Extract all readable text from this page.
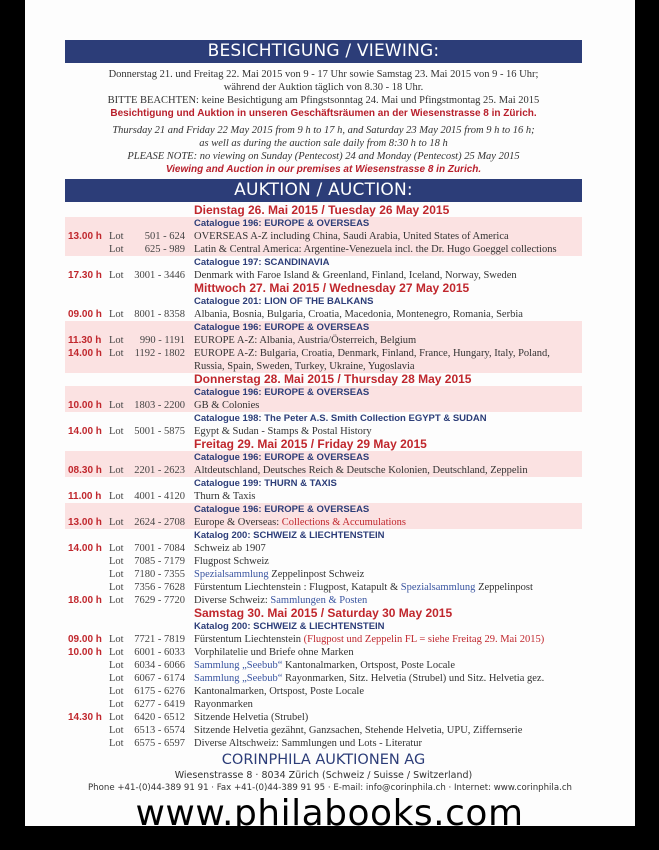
BESICHTIGUNG / VIEWING:
Donnerstag 21. und Freitag 22. Mai 2015 von 9 - 17 Uhr sowie Samstag 23. Mai 2015 von 9 - 16 Uhr;
während der Auktion täglich von 8.30 - 18 Uhr.
BITTE BEACHTEN: keine Besichtigung am Pfingstsonntag 24. Mai und Pfingstmontag 25. Mai 2015
Besichtigung und Auktion in unseren Geschäftsräumen an der Wiesenstrasse 8 in Zürich.
Thursday 21 and Friday 22 May 2015 from 9 h to 17 h, and Saturday 23 May 2015 from 9 h to 16 h;
as well as during the auction sale daily from 8:30 h to 18 h
PLEASE NOTE: no viewing on Sunday (Pentecost) 24 and Monday (Pentecost) 25 May 2015
Viewing and Auction in our premises at Wiesenstrasse 8 in Zurich.
AUKTION / AUCTION:
Dienstag 26. Mai 2015 / Tuesday 26 May 2015
Catalogue 196: EUROPE & OVERSEAS
13.00 h Lot	501 - 624 OVERSEAS A-Z including China, Saudi Arabia, United States of America
Lot	625 - 989 Latin & Central America: Argentine-Venezuela incl. the Dr. Hugo Goeggel collections
Catalogue 197: SCANDINAVIA
17.30 h Lot	3001 - 3446 Denmark with Faroe Island & Greenland, Finland, Iceland, Norway, Sweden
Mittwoch 27. Mai 2015 / Wednesday 27 May 2015
Catalogue 201: LION OF THE BALKANS
09.00 h Lot	8001 - 8358 Albania, Bosnia, Bulgaria, Croatia, Macedonia, Montenegro, Romania, Serbia
Catalogue 196: EUROPE & OVERSEAS
11.30 h Lot	990 - 1191 EUROPE A-Z: Albania, Austria/Österreich, Belgium
14.00 h Lot	1192 - 1802 EUROPE A-Z: Bulgaria, Croatia, Denmark, Finland, France, Hungary, Italy, Poland,
Russia, Spain, Sweden, Turkey, Ukraine, Yugoslavia
Donnerstag 28. Mai 2015 / Thursday 28 May 2015
Catalogue 196: EUROPE & OVERSEAS
10.00 h Lot	1803 - 2200 GB & Colonies
Catalogue 198: The Peter A.S. Smith Collection EGYPT & SUDAN
14.00 h Lot	5001 - 5875 Egypt & Sudan - Stamps & Postal History
Freitag 29. Mai 2015 / Friday 29 May 2015
Catalogue 196: EUROPE & OVERSEAS
08.30 h Lot	2201 - 2623 Altdeutschland, Deutsches Reich & Deutsche Kolonien, Deutschland, Zeppelin
Catalogue 199: THURN & TAXIS
11.00 h Lot	4001 - 4120 Thurn & Taxis
Catalogue 196: EUROPE & OVERSEAS
13.00 h Lot	2624 - 2708 Europe & Overseas: Collections & Accumulations
Katalog 200: SCHWEIZ & LIECHTENSTEIN
14.00 h Lot	7001 - 7084 Schweiz ab 1907
Lot	7085 - 7179 Flugpost Schweiz
Lot	7180 - 7355 Spezialsammlung Zeppelinpost Schweiz
Lot	7356 - 7628 Fürstentum Liechtenstein : Flugpost, Katapult & Spezialsammlung Zeppelinpost
18.00 h Lot	7629 - 7720 Diverse Schweiz: Sammlungen & Posten
Samstag 30. Mai 2015 / Saturday 30 May 2015
Katalog 200: SCHWEIZ & LIECHTENSTEIN
09.00 h Lot	7721 - 7819 Fürstentum Liechtenstein (Flugpost und Zeppelin FL = siehe Freitag 29. Mai 2015)
10.00 h Lot	6001 - 6033 Vorphilatelie und Briefe ohne Marken
Lot	6034 - 6066 Sammlung „Seebub“ Kantonalmarken, Ortspost, Poste Locale
Lot	6067 - 6174 Sammlung „Seebub“ Rayonmarken, Sitz. Helvetia (Strubel) und Sitz. Helvetia gez.
Lot	6175 - 6276 Kantonalmarken, Ortspost, Poste Locale
Lot	6277 - 6419 Rayonmarken
14.30 h Lot	6420 - 6512 Sitzende Helvetia (Strubel)
Lot	6513 - 6574 Sitzende Helvetia gezähnt, Ganzsachen, Stehende Helvetia, UPU, Ziffernserie
Lot	6575 - 6597 Diverse Altschweiz: Sammlungen und Lots - Literatur
CORINPHILA AUKTIONEN AG
Wiesenstrasse 8 · 8034 Zürich (Schweiz / Suisse / Switzerland)
Phone +41-(0)44-389 91 91 · Fax +41-(0)44-389 91 95 · E-mail: info@corinphila.ch · Internet: www.corinphila.ch
www.philabooks.com
